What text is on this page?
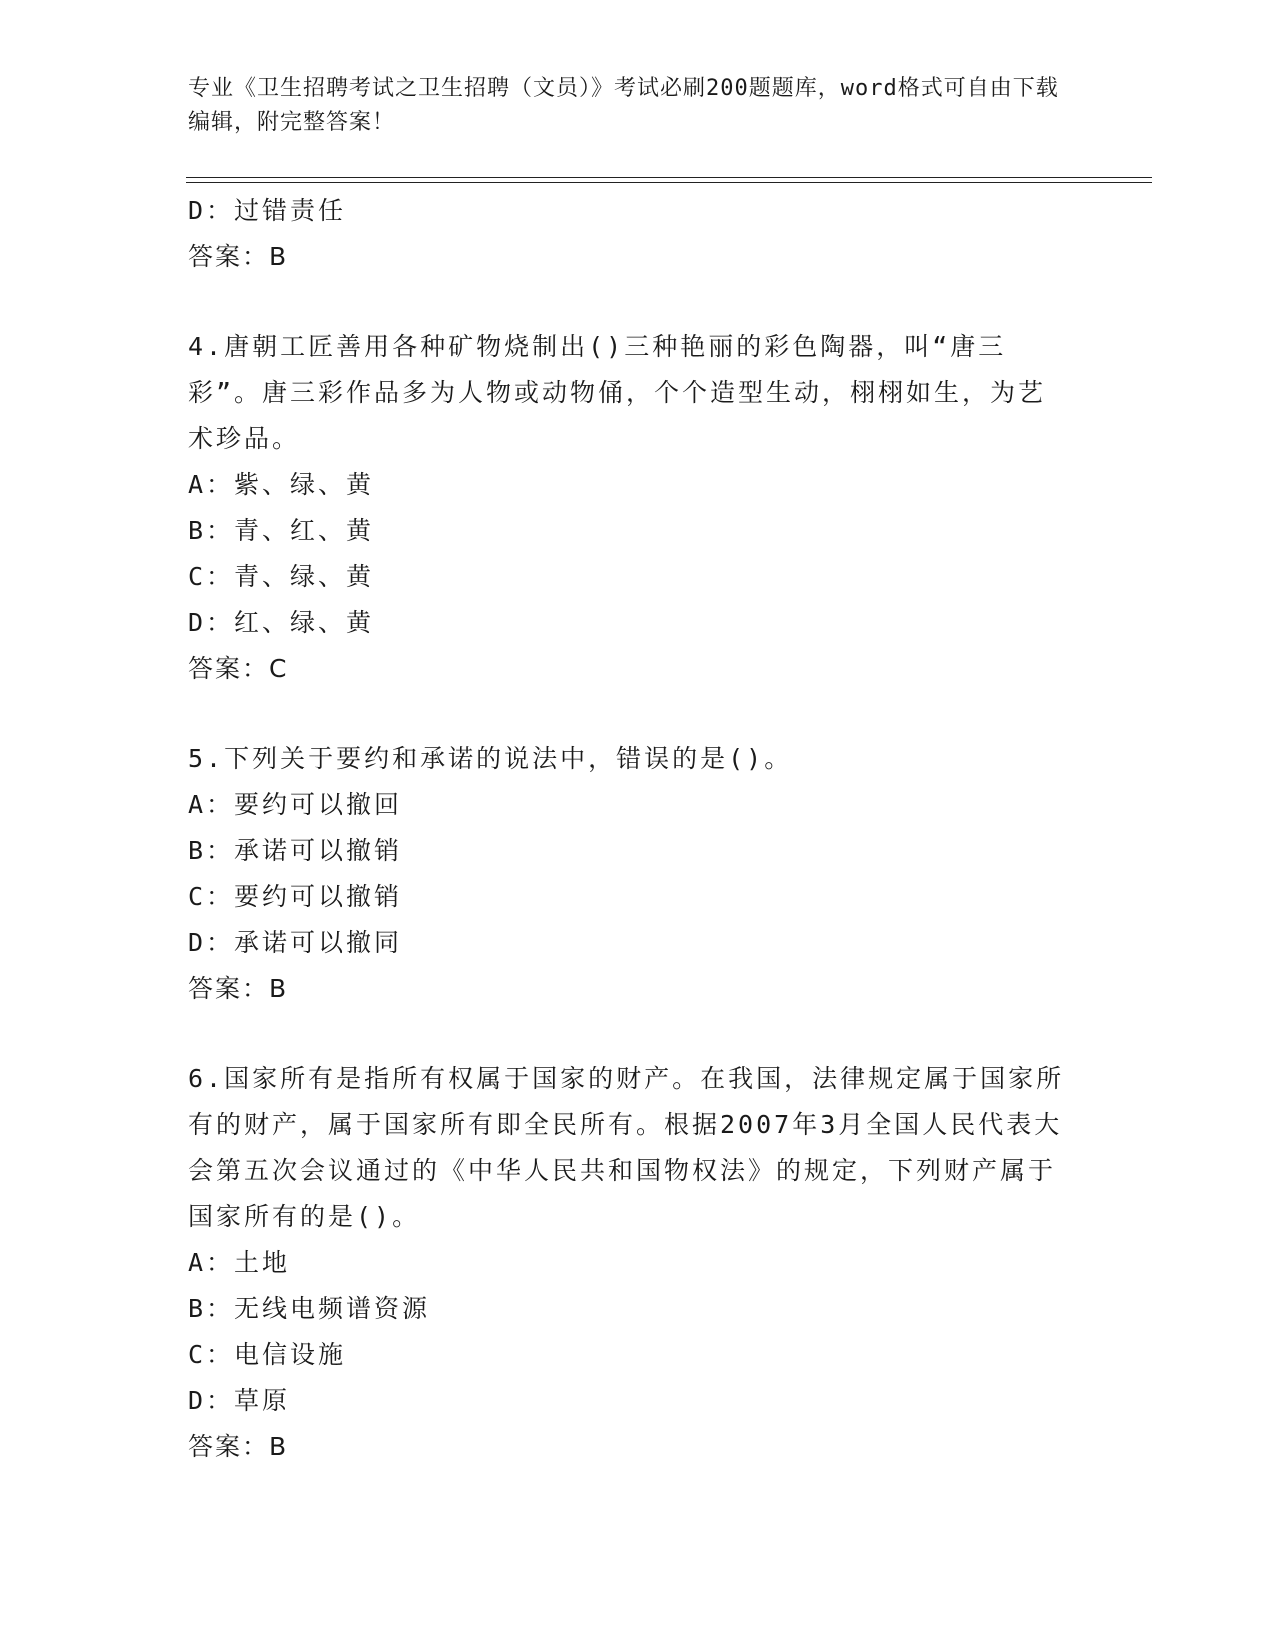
专业《卫生招聘考试之卫生招聘（文员）》考试必刷200题题库，word格式可自由下载编辑，附完整答案！
D：过错责任
答案：B
4.唐朝工匠善用各种矿物烧制出()三种艳丽的彩色陶器，叫“唐三彩”。唐三彩作品多为人物或动物俑，个个造型生动，栩栩如生，为艺术珍品。
A：紫、绿、黄
B：青、红、黄
C：青、绿、黄
D：红、绿、黄
答案：C
5.下列关于要约和承诺的说法中，错误的是()。
A：要约可以撤回
B：承诺可以撤销
C：要约可以撤销
D：承诺可以撤同
答案：B
6.国家所有是指所有权属于国家的财产。在我国，法律规定属于国家所有的财产，属于国家所有即全民所有。根据2007年3月全国人民代表大会第五次会议通过的《中华人民共和国物权法》的规定，下列财产属于国家所有的是()。
A：土地
B：无线电频谱资源
C：电信设施
D：草原
答案：B
